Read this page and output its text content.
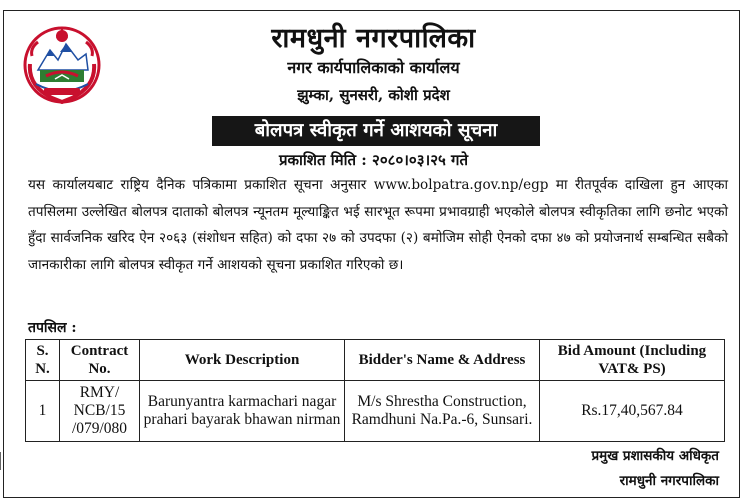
रामधुनी नगरपालिका
नगर कार्यपालिकाको कार्यालय
झुम्का, सुनसरी, कोशी प्रदेश
बोलपत्र स्वीकृत गर्ने आशयको सूचना
प्रकाशित मिति : २०८०।०३।२५ गते
यस कार्यालयबाट राष्ट्रिय दैनिक पत्रिकामा प्रकाशित सूचना अनुसार www.bolpatra.gov.np/egp मा रीतपूर्वक दाखिला हुन आएका तपसिलमा उल्लेखित बोलपत्र दाताको बोलपत्र न्यूनतम मूल्याङ्कित भई सारभूत रूपमा प्रभावग्राही भएकोले बोलपत्र स्वीकृतिका लागि छनोट भएको हुँदा सार्वजनिक खरिद ऐन २०६३ (संशोधन सहित) को दफा २७ को उपदफा (२) बमोजिम सोही ऐनको दफा ४७ को प्रयोजनार्थ सम्बन्धित सबैको जानकारीका लागि बोलपत्र स्वीकृत गर्ने आशयको सूचना प्रकाशित गरिएको छ।
तपसिल :
S. N.	Contract No.	Work Description	Bidder's Name & Address	Bid Amount (Including VAT& PS)
1	RMY/ NCB/15 /079/080	Barunyantra karmachari nagar prahari bayarak bhawan nirman	M/s Shrestha Construction, Ramdhuni Na.Pa.-6, Sunsari.	Rs.17,40,567.84
प्रमुख प्रशासकीय अधिकृत
रामधुनी नगरपालिका
